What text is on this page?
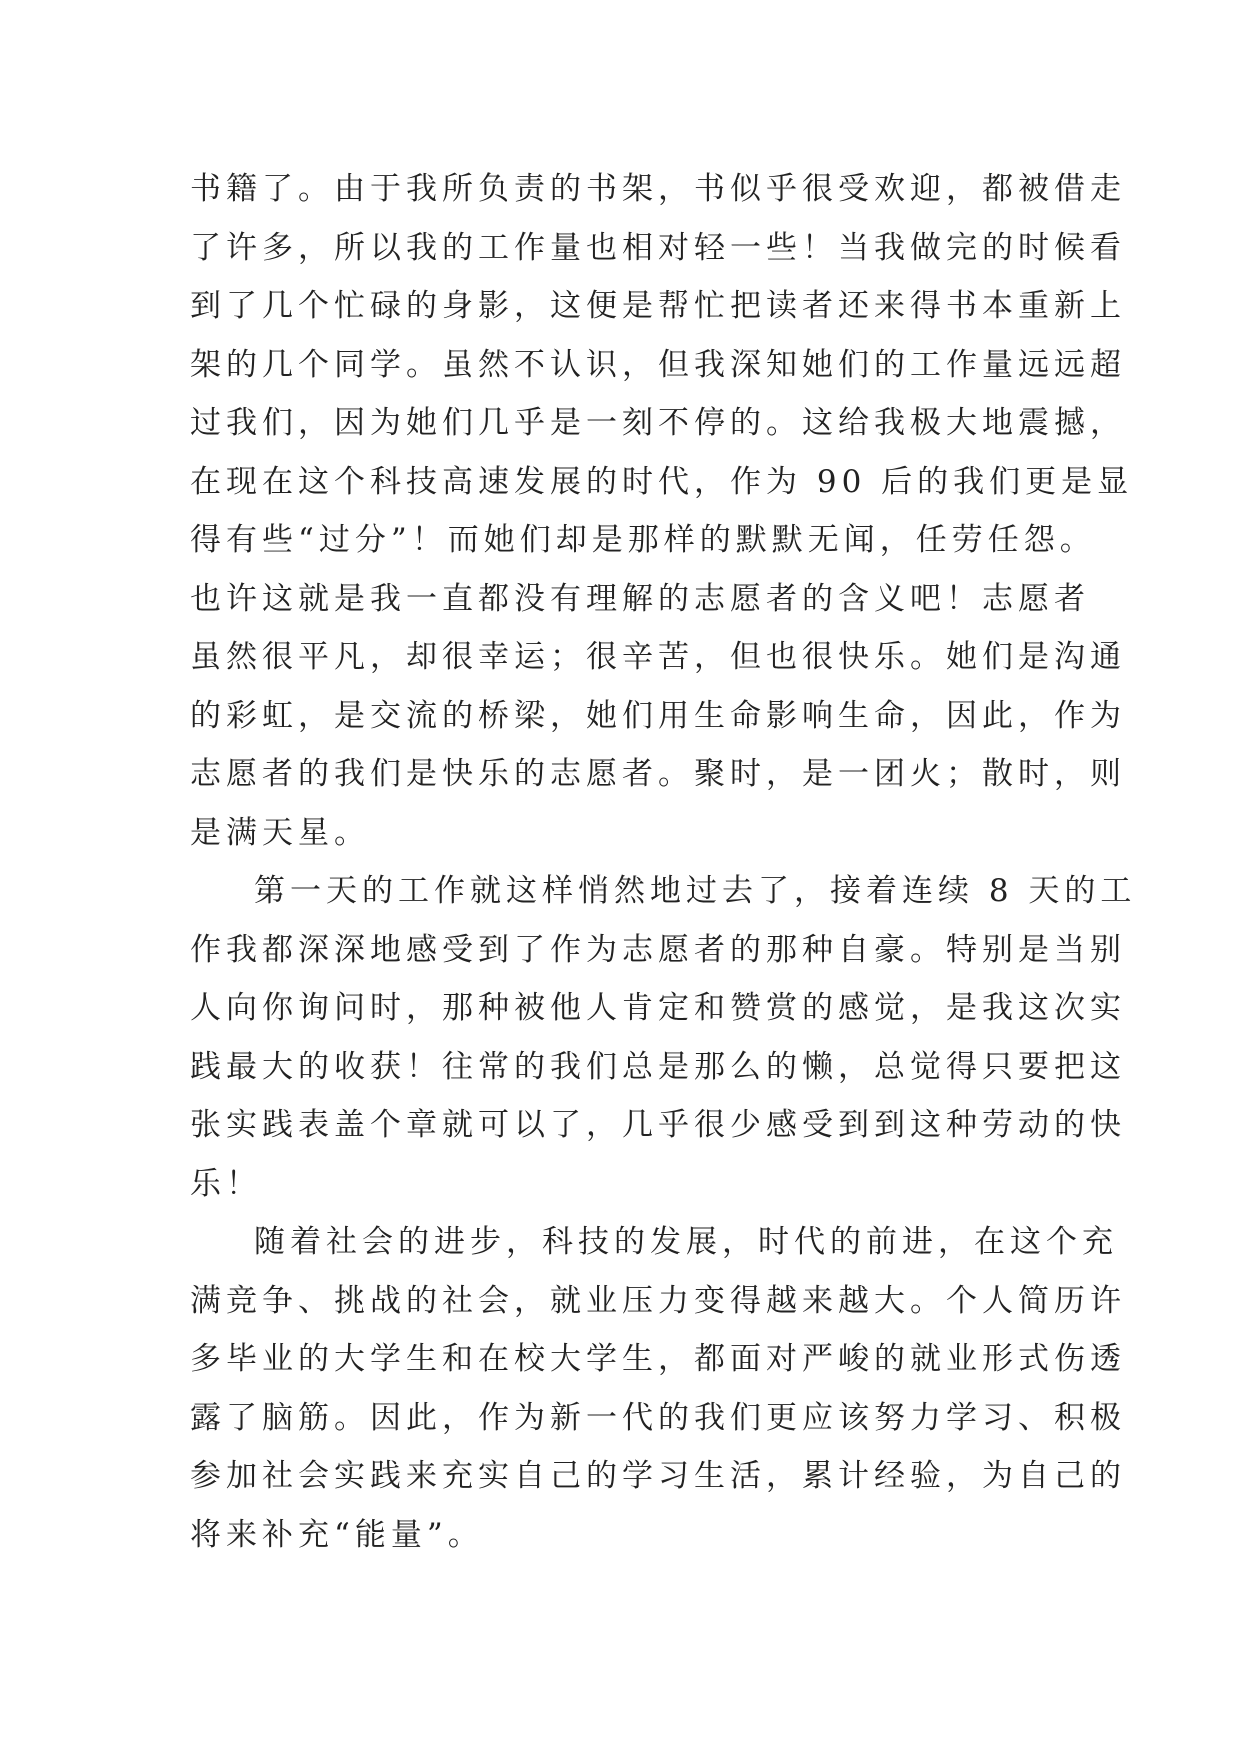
书籍了。由于我所负责的书架，书似乎很受欢迎，都被借走
了许多，所以我的工作量也相对轻一些！当我做完的时候看
到了几个忙碌的身影，这便是帮忙把读者还来得书本重新上
架的几个同学。虽然不认识，但我深知她们的工作量远远超
过我们，因为她们几乎是一刻不停的。这给我极大地震撼，
在现在这个科技高速发展的时代，作为 90 后的我们更是显
得有些“过分”！而她们却是那样的默默无闻，任劳任怨。
也许这就是我一直都没有理解的志愿者的含义吧！志愿者
虽然很平凡，却很幸运；很辛苦，但也很快乐。她们是沟通
的彩虹，是交流的桥梁，她们用生命影响生命，因此，作为
志愿者的我们是快乐的志愿者。聚时，是一团火；散时，则
是满天星。
第一天的工作就这样悄然地过去了，接着连续 8 天的工
作我都深深地感受到了作为志愿者的那种自豪。特别是当别
人向你询问时，那种被他人肯定和赞赏的感觉，是我这次实
践最大的收获！往常的我们总是那么的懒，总觉得只要把这
张实践表盖个章就可以了，几乎很少感受到到这种劳动的快
乐！
随着社会的进步，科技的发展，时代的前进，在这个充
满竞争、挑战的社会，就业压力变得越来越大。个人简历许
多毕业的大学生和在校大学生，都面对严峻的就业形式伤透
露了脑筋。因此，作为新一代的我们更应该努力学习、积极
参加社会实践来充实自己的学习生活，累计经验，为自己的
将来补充“能量”。
